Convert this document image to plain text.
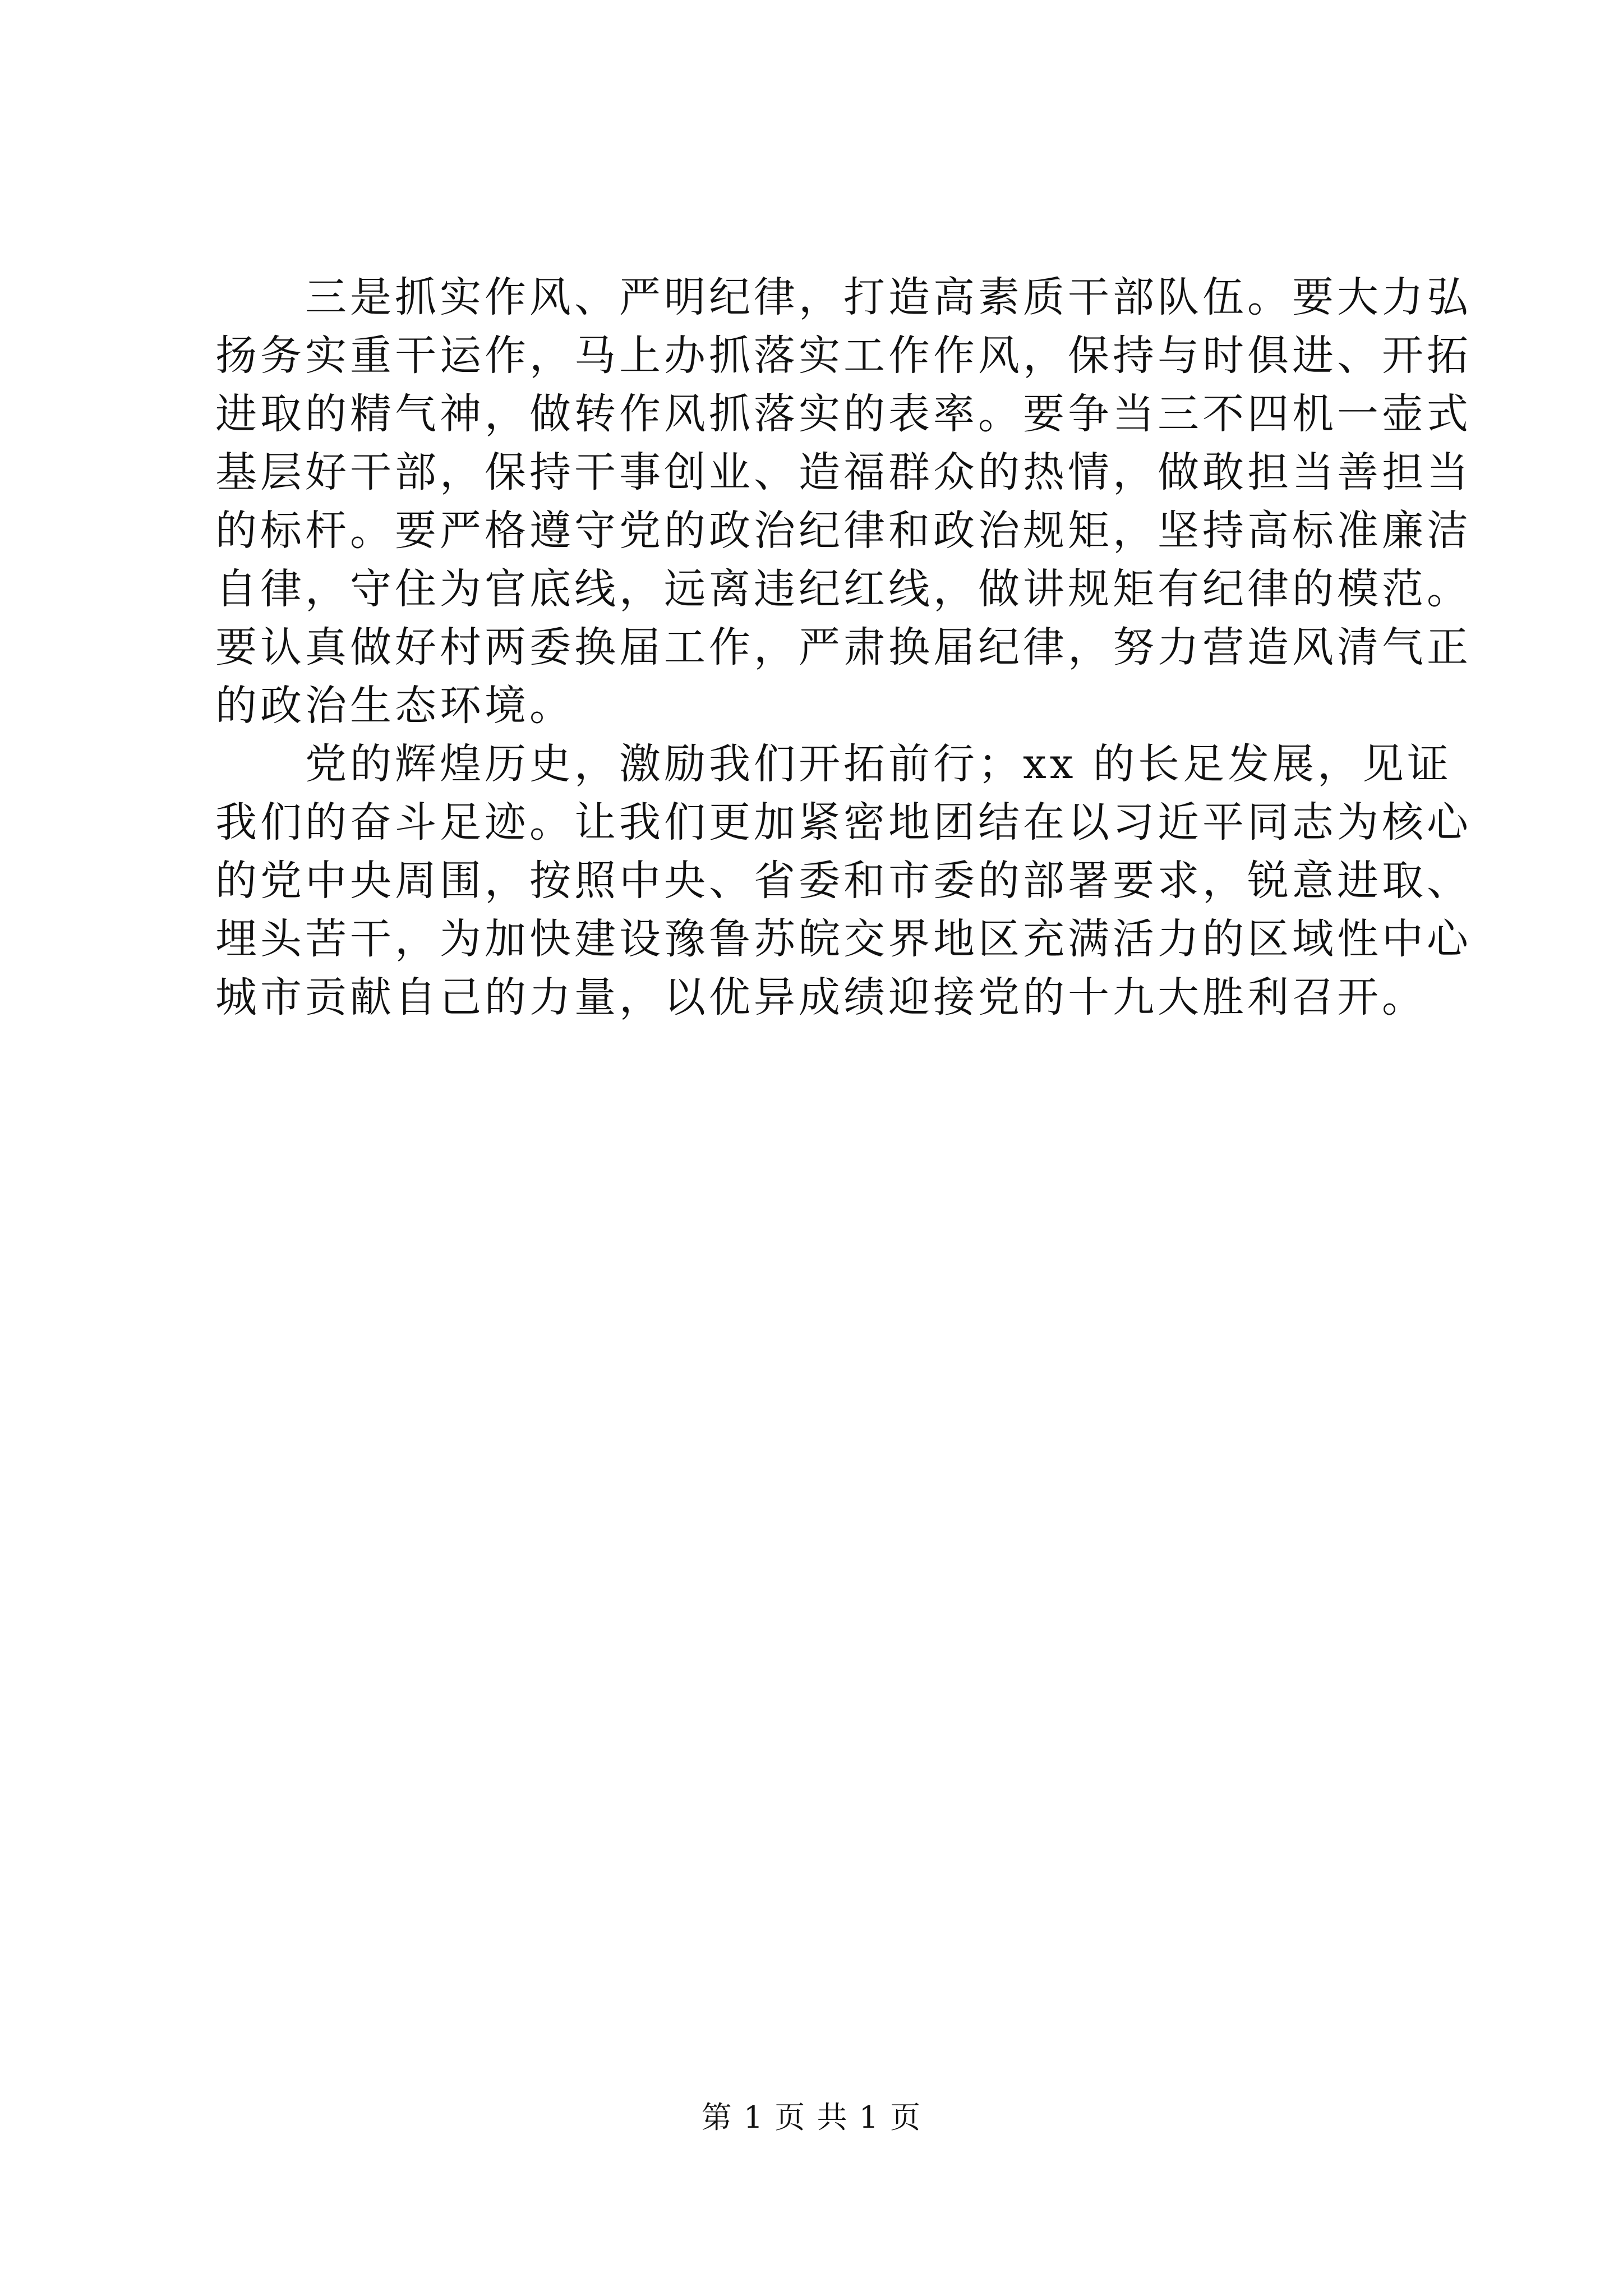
　　三是抓实作风、严明纪律，打造高素质干部队伍。要大力弘
扬务实重干运作，马上办抓落实工作作风，保持与时俱进、开拓
进取的精气神，做转作风抓落实的表率。要争当三不四机一壶式
基层好干部，保持干事创业、造福群众的热情，做敢担当善担当
的标杆。要严格遵守党的政治纪律和政治规矩，坚持高标准廉洁
自律，守住为官底线，远离违纪红线，做讲规矩有纪律的模范。
要认真做好村两委换届工作，严肃换届纪律，努力营造风清气正
的政治生态环境。
　　党的辉煌历史，激励我们开拓前行；xx 的长足发展，见证
我们的奋斗足迹。让我们更加紧密地团结在以习近平同志为核心
的党中央周围，按照中央、省委和市委的部署要求，锐意进取、
埋头苦干，为加快建设豫鲁苏皖交界地区充满活力的区域性中心
城市贡献自己的力量，以优异成绩迎接党的十九大胜利召开。
第 1 页 共 1 页
